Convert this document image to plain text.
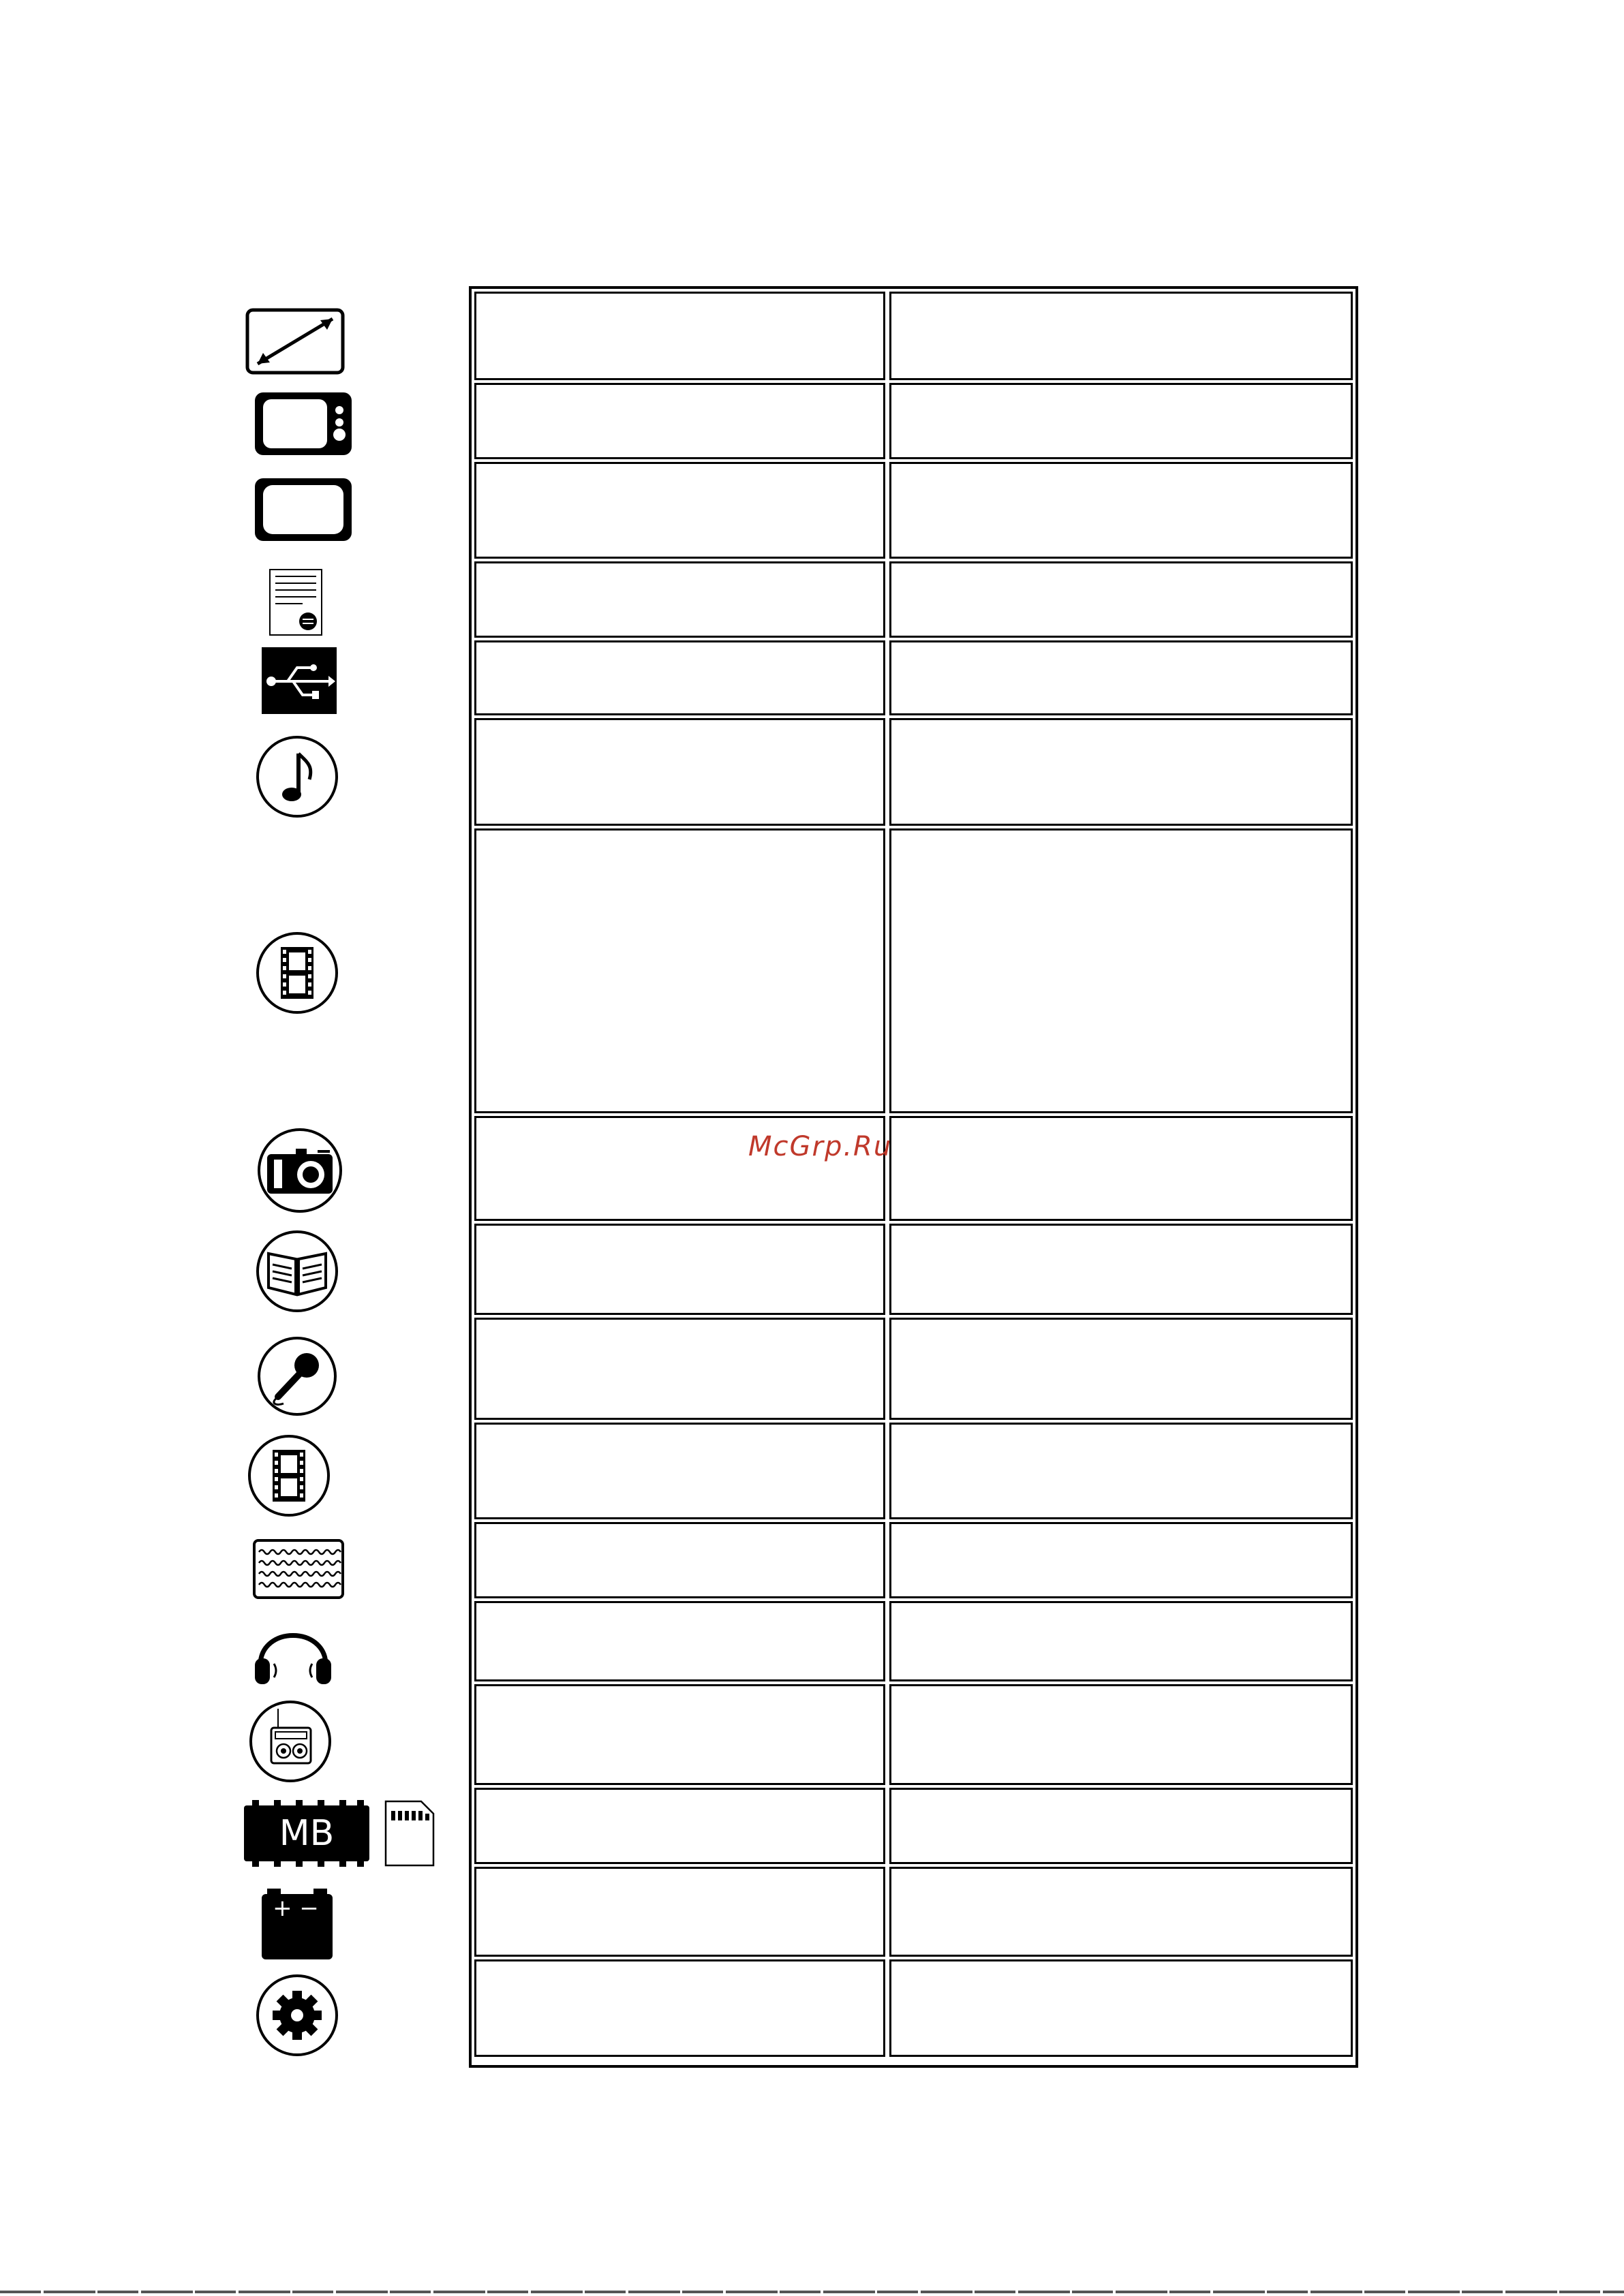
MB
+ −
McGrp.Ru
